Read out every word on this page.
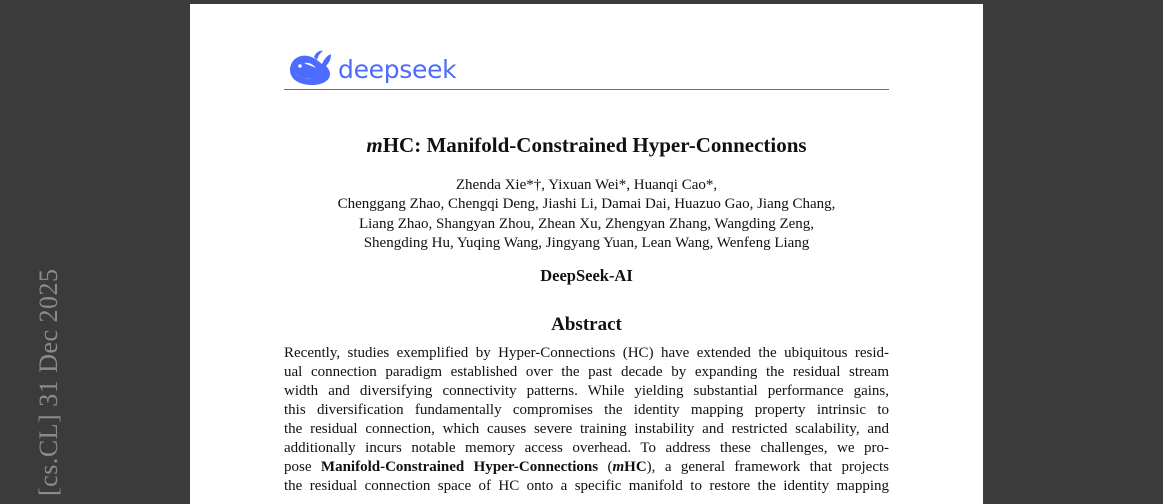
deepseek
mHC: Manifold-Constrained Hyper-Connections
Zhenda Xie*†, Yixuan Wei*, Huanqi Cao*,
Chenggang Zhao, Chengqi Deng, Jiashi Li, Damai Dai, Huazuo Gao, Jiang Chang,
Liang Zhao, Shangyan Zhou, Zhean Xu, Zhengyan Zhang, Wangding Zeng,
Shengding Hu, Yuqing Wang, Jingyang Yuan, Lean Wang, Wenfeng Liang
DeepSeek-AI
Abstract
Recently, studies exemplified by Hyper-Connections (HC) have extended the ubiquitous resid-
ual connection paradigm established over the past decade by expanding the residual stream
width and diversifying connectivity patterns. While yielding substantial performance gains,
this diversification fundamentally compromises the identity mapping property intrinsic to
the residual connection, which causes severe training instability and restricted scalability, and
additionally incurs notable memory access overhead. To address these challenges, we pro-
pose Manifold-Constrained Hyper-Connections (mHC), a general framework that projects
the residual connection space of HC onto a specific manifold to restore the identity mapping
[cs.CL] 31 Dec 2025
